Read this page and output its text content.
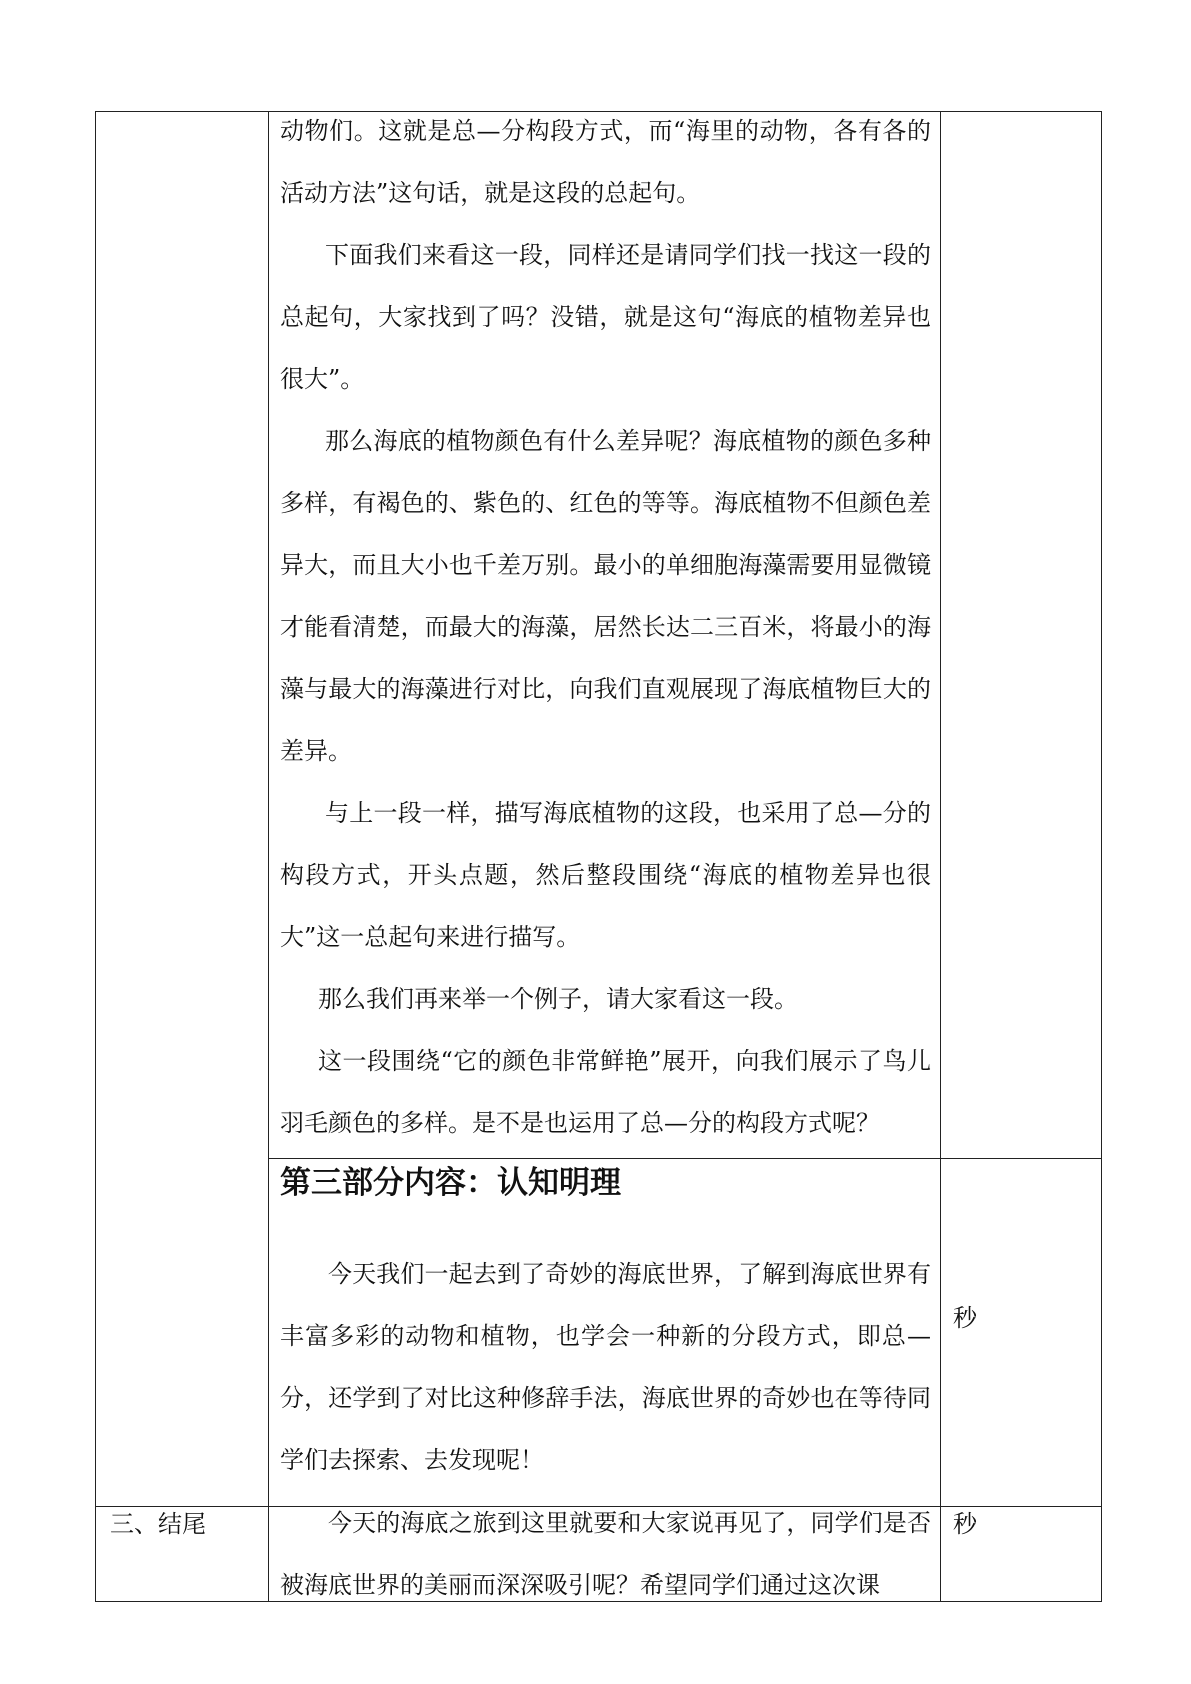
动物们。这就是总—分构段方式，而“海里的动物，各有各的活动方法”这句话，就是这段的总起句。

下面我们来看这一段，同样还是请同学们找一找这一段的总起句，大家找到了吗？没错，就是这句“海底的植物差异也很大”。

那么海底的植物颜色有什么差异呢？海底植物的颜色多种多样，有褐色的、紫色的、红色的等等。海底植物不但颜色差异大，而且大小也千差万别。最小的单细胞海藻需要用显微镜才能看清楚，而最大的海藻，居然长达二三百米，将最小的海藻与最大的海藻进行对比，向我们直观展现了海底植物巨大的差异。

与上一段一样，描写海底植物的这段，也采用了总—分的构段方式，开头点题，然后整段围绕“海底的植物差异也很大”这一总起句来进行描写。

那么我们再来举一个例子，请大家看这一段。

这一段围绕“它的颜色非常鲜艳”展开，向我们展示了鸟儿羽毛颜色的多样。是不是也运用了总—分的构段方式呢？

第三部分内容：认知明理

今天我们一起去到了奇妙的海底世界，了解到海底世界有丰富多彩的动物和植物，也学会一种新的分段方式，即总—分，还学到了对比这种修辞手法，海底世界的奇妙也在等待同学们去探索、去发现呢！

秒
三、结尾	今天的海底之旅到这里就要和大家说再见了，同学们是否被海底世界的美丽而深深吸引呢？希望同学们通过这次课

秒
